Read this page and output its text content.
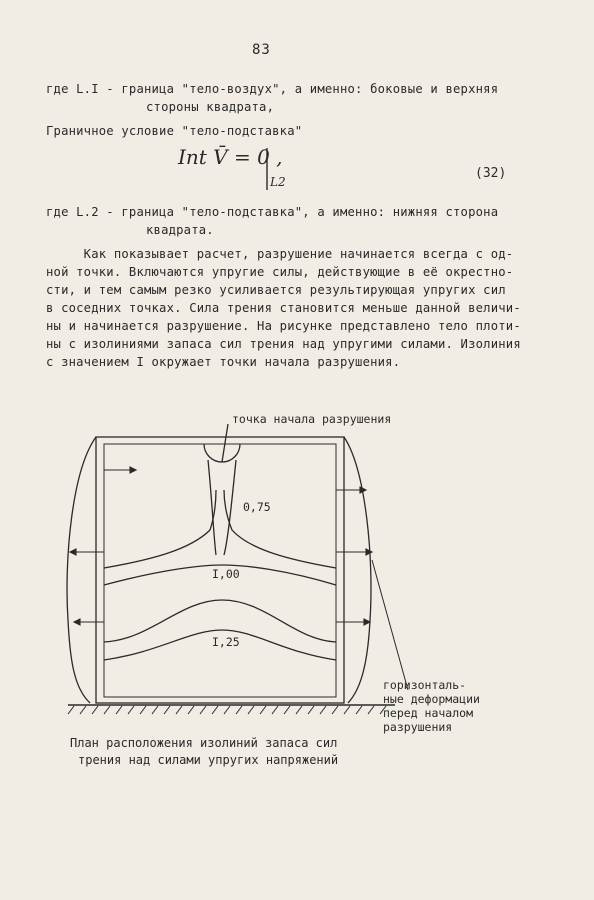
83
где L.I - граница "тело-воздух", а именно: боковые и верхняя
стороны квадрата,
Граничное условие "тело-подставка"
Int V̄ = 0 ,
L2
(32)
где L.2 - граница "тело-подставка", а именно: нижняя сторона
квадрата.
Как показывает расчет, разрушение начинается всегда с од-
ной точки. Включаются упругие силы, действующие в её окрестно-
сти, и тем самым резко усиливается результирующая упругих сил
в соседних точках. Сила трения становится меньше данной величи-
ны и начинается разрушение. На рисунке представлено тело плоти-
ны с изолиниями запаса сил трения над упругими силами. Изолиния
с значением I окружает точки начала разрушения.
точка начала разрушения
0,75
I,00
I,25
горизонталь-
ные деформации
перед началом
разрушения
План расположения изолиний запаса сил
трения над силами упругих напряжений
